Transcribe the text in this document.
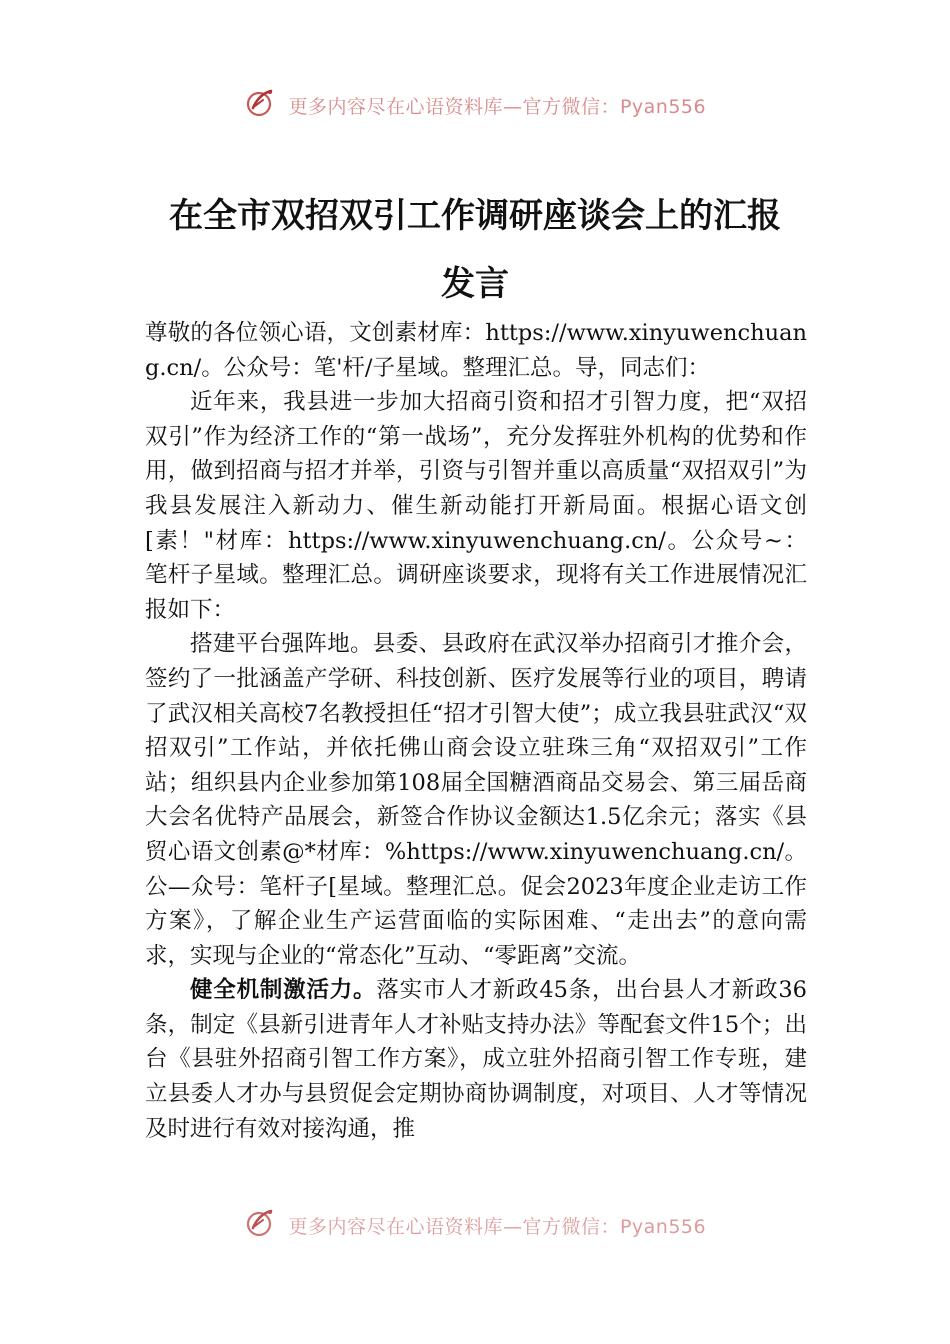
更多内容尽在心语资料库—官方微信：Pyan556
在全市双招双引工作调研座谈会上的汇报
发言

尊敬的各位领心语，文创素材库：https://www.xinyuwenchuang.cn/。公众号：笔'杆/子星域。整理汇总。导，同志们：

近年来，我县进一步加大招商引资和招才引智力度，把“双招双引”作为经济工作的“第一战场”，充分发挥驻外机构的优势和作用，做到招商与招才并举，引资与引智并重以高质量“双招双引”为我县发展注入新动力、催生新动能打开新局面。根据心语文创[素！"材库：https://www.xinyuwenchuang.cn/。公众号~：笔杆子星域。整理汇总。调研座谈要求，现将有关工作进展情况汇报如下：

搭建平台强阵地。县委、县政府在武汉举办招商引才推介会，签约了一批涵盖产学研、科技创新、医疗发展等行业的项目，聘请了武汉相关高校7名教授担任“招才引智大使”；成立我县驻武汉“双招双引”工作站，并依托佛山商会设立驻珠三角“双招双引”工作站；组织县内企业参加第108届全国糖酒商品交易会、第三届岳商大会名优特产品展会，新签合作协议金额达1.5亿余元；落实《县贸心语文创素@*材库：%https://www.xinyuwenchuang.cn/。公—众号：笔杆子[星域。整理汇总。促会2023年度企业走访工作方案》，了解企业生产运营面临的实际困难、“走出去”的意向需求，实现与企业的“常态化”互动、“零距离”交流。

健全机制激活力。落实市人才新政45条，出台县人才新政36条，制定《县新引进青年人才补贴支持办法》等配套文件15个；出台《县驻外招商引智工作方案》，成立驻外招商引智工作专班，建立县委人才办与县贸促会定期协商协调制度，对项目、人才等情况及时进行有效对接沟通，推

更多内容尽在心语资料库—官方微信：Pyan556
